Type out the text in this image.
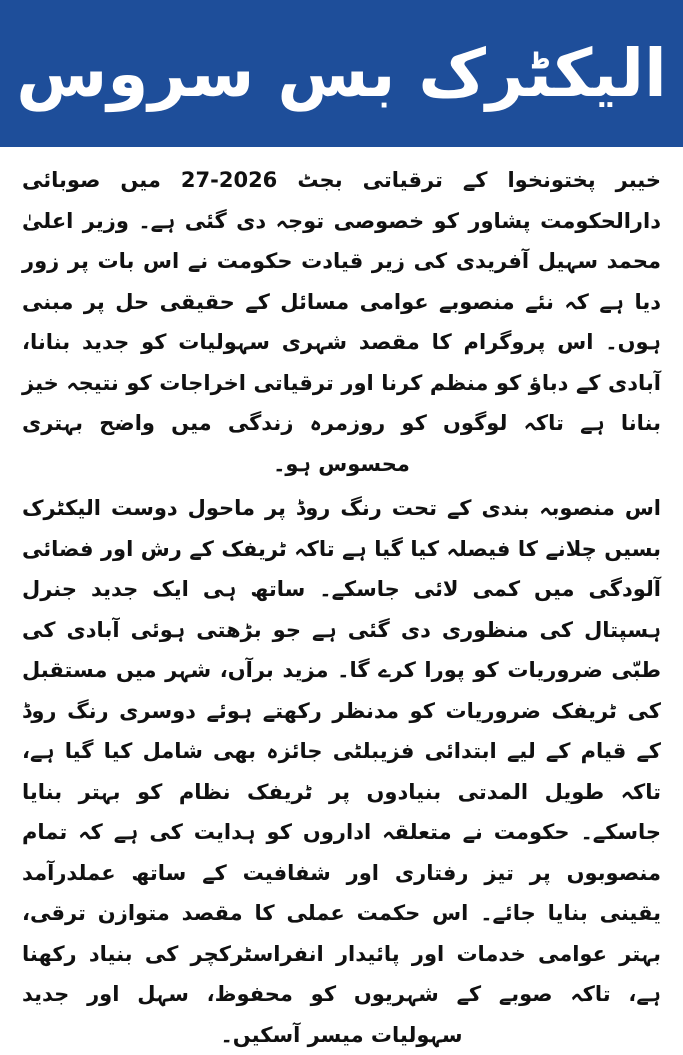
الیکٹرک بس سروس

خیبر پختونخوا کے ترقیاتی بجٹ 2026-27 میں صوبائی دارالحکومت پشاور کو خصوصی توجہ دی گئی ہے۔ وزیر اعلیٰ محمد سہیل آفریدی کی زیر قیادت حکومت نے اس بات پر زور دیا ہے کہ نئے منصوبے عوامی مسائل کے حقیقی حل پر مبنی ہوں۔ اس پروگرام کا مقصد شہری سہولیات کو جدید بنانا، آبادی کے دباؤ کو منظم کرنا اور ترقیاتی اخراجات کو نتیجہ خیز بنانا ہے تاکہ لوگوں کو روزمرہ زندگی میں واضح بہتری محسوس ہو۔

اس منصوبہ بندی کے تحت رنگ روڈ پر ماحول دوست الیکٹرک بسیں چلانے کا فیصلہ کیا گیا ہے تاکہ ٹریفک کے رش اور فضائی آلودگی میں کمی لائی جاسکے۔ ساتھ ہی ایک جدید جنرل ہسپتال کی منظوری دی گئی ہے جو بڑھتی ہوئی آبادی کی طبّی ضروریات کو پورا کرے گا۔ مزید برآں، شہر میں مستقبل کی ٹریفک ضروریات کو مدنظر رکھتے ہوئے دوسری رنگ روڈ کے قیام کے لیے ابتدائی فزیبلٹی جائزہ بھی شامل کیا گیا ہے، تاکہ طویل المدتی بنیادوں پر ٹریفک نظام کو بہتر بنایا جاسکے۔ حکومت نے متعلقہ اداروں کو ہدایت کی ہے کہ تمام منصوبوں پر تیز رفتاری اور شفافیت کے ساتھ عملدرآمد یقینی بنایا جائے۔ اس حکمت عملی کا مقصد متوازن ترقی، بہتر عوامی خدمات اور پائیدار انفراسٹرکچر کی بنیاد رکھنا ہے، تاکہ صوبے کے شہریوں کو محفوظ، سہل اور جدید سہولیات میسر آسکیں۔
